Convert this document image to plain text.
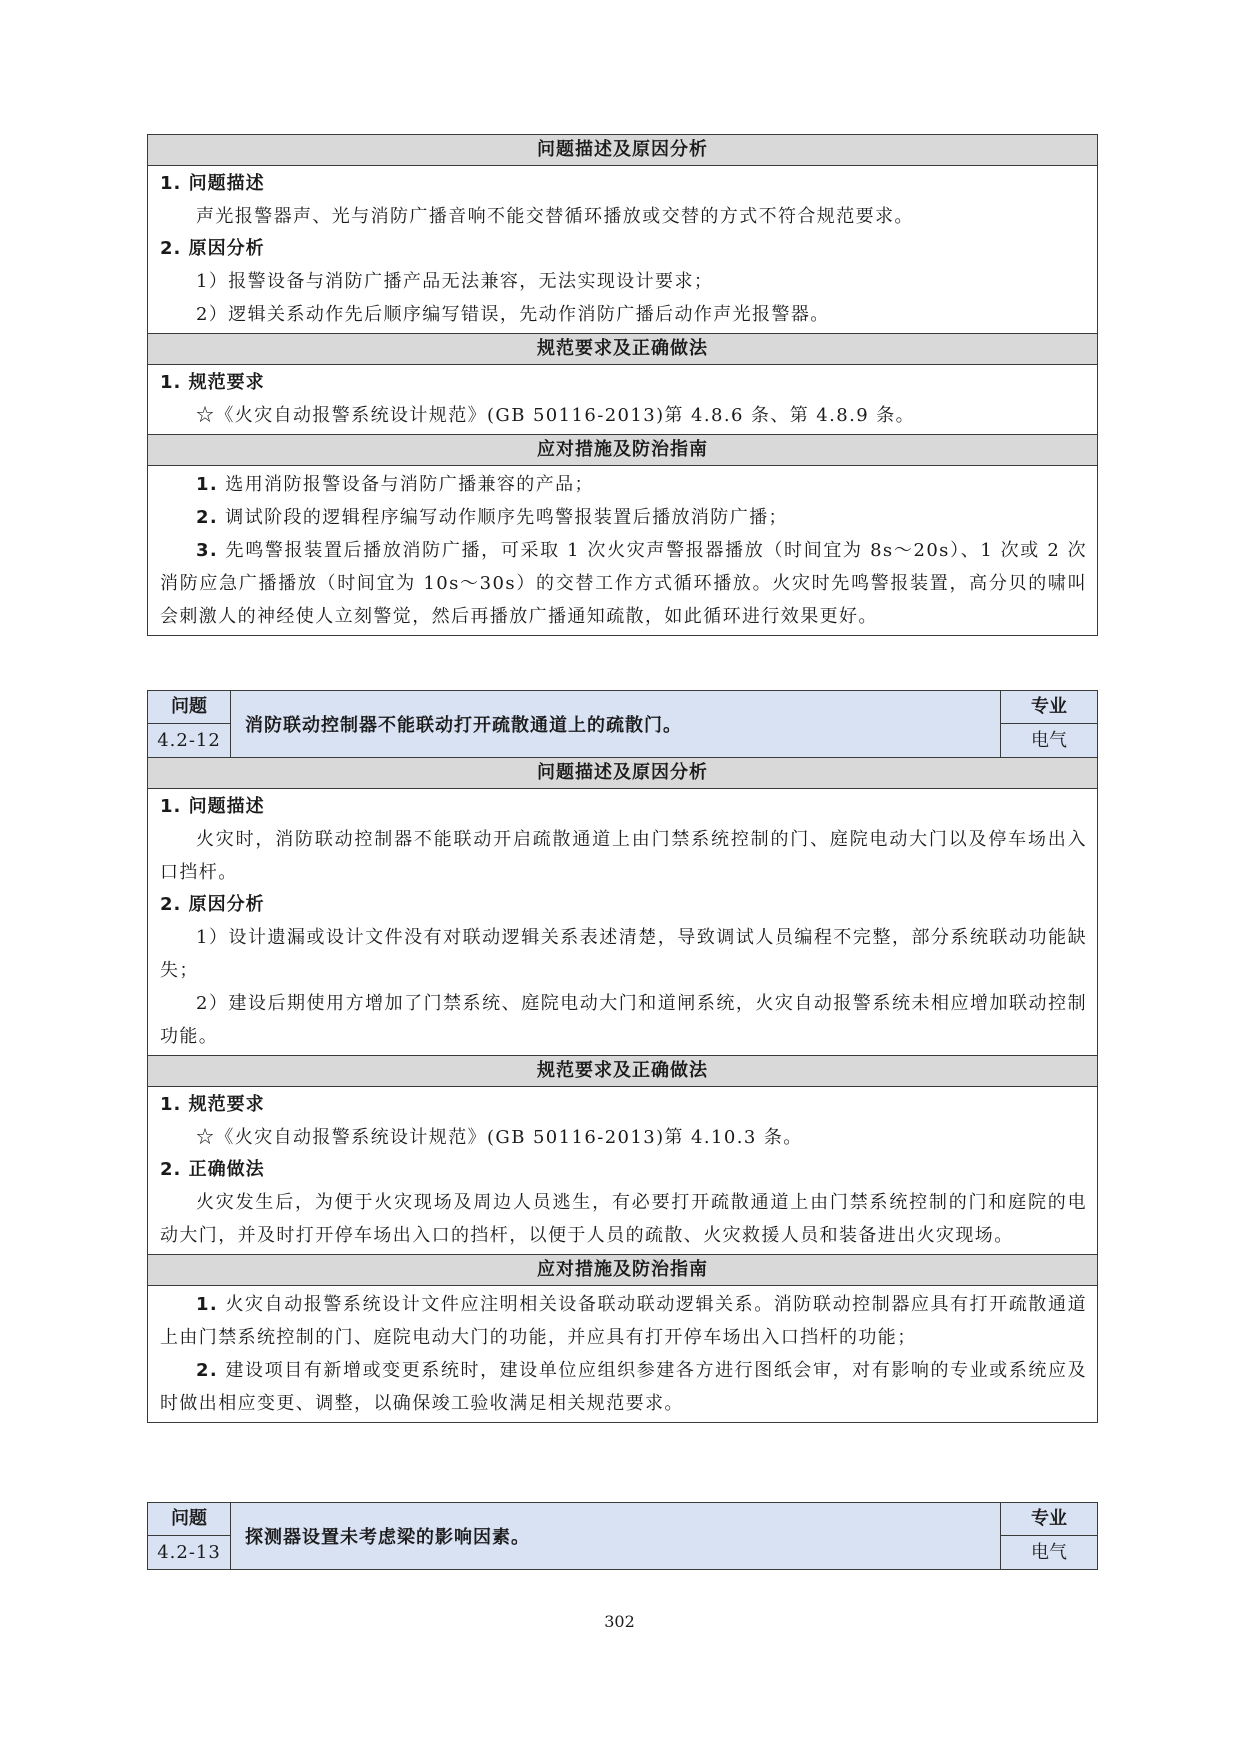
问题描述及原因分析
1. 问题描述
声光报警器声、光与消防广播音响不能交替循环播放或交替的方式不符合规范要求。
2. 原因分析
1）报警设备与消防广播产品无法兼容，无法实现设计要求；
2）逻辑关系动作先后顺序编写错误，先动作消防广播后动作声光报警器。
规范要求及正确做法
1. 规范要求
☆《火灾自动报警系统设计规范》(GB 50116-2013)第 4.8.6 条、第 4.8.9 条。
应对措施及防治指南
1. 选用消防报警设备与消防广播兼容的产品；
2. 调试阶段的逻辑程序编写动作顺序先鸣警报装置后播放消防广播；
3. 先鸣警报装置后播放消防广播，可采取 1 次火灾声警报器播放（时间宜为 8s～20s）、1 次或 2 次消防应急广播播放（时间宜为 10s～30s）的交替工作方式循环播放。火灾时先鸣警报装置，高分贝的啸叫会刺激人的神经使人立刻警觉，然后再播放广播通知疏散，如此循环进行效果更好。
问题
4.2-12
消防联动控制器不能联动打开疏散通道上的疏散门。
专业
电气
问题描述及原因分析
1. 问题描述
火灾时，消防联动控制器不能联动开启疏散通道上由门禁系统控制的门、庭院电动大门以及停车场出入口挡杆。
2. 原因分析
1）设计遗漏或设计文件没有对联动逻辑关系表述清楚，导致调试人员编程不完整，部分系统联动功能缺失；
2）建设后期使用方增加了门禁系统、庭院电动大门和道闸系统，火灾自动报警系统未相应增加联动控制功能。
规范要求及正确做法
1. 规范要求
☆《火灾自动报警系统设计规范》(GB 50116-2013)第 4.10.3 条。
2. 正确做法
火灾发生后，为便于火灾现场及周边人员逃生，有必要打开疏散通道上由门禁系统控制的门和庭院的电动大门，并及时打开停车场出入口的挡杆，以便于人员的疏散、火灾救援人员和装备进出火灾现场。
应对措施及防治指南
1. 火灾自动报警系统设计文件应注明相关设备联动联动逻辑关系。消防联动控制器应具有打开疏散通道上由门禁系统控制的门、庭院电动大门的功能，并应具有打开停车场出入口挡杆的功能；
2. 建设项目有新增或变更系统时，建设单位应组织参建各方进行图纸会审，对有影响的专业或系统应及时做出相应变更、调整，以确保竣工验收满足相关规范要求。
问题
4.2-13
探测器设置未考虑梁的影响因素。
专业
电气
302
